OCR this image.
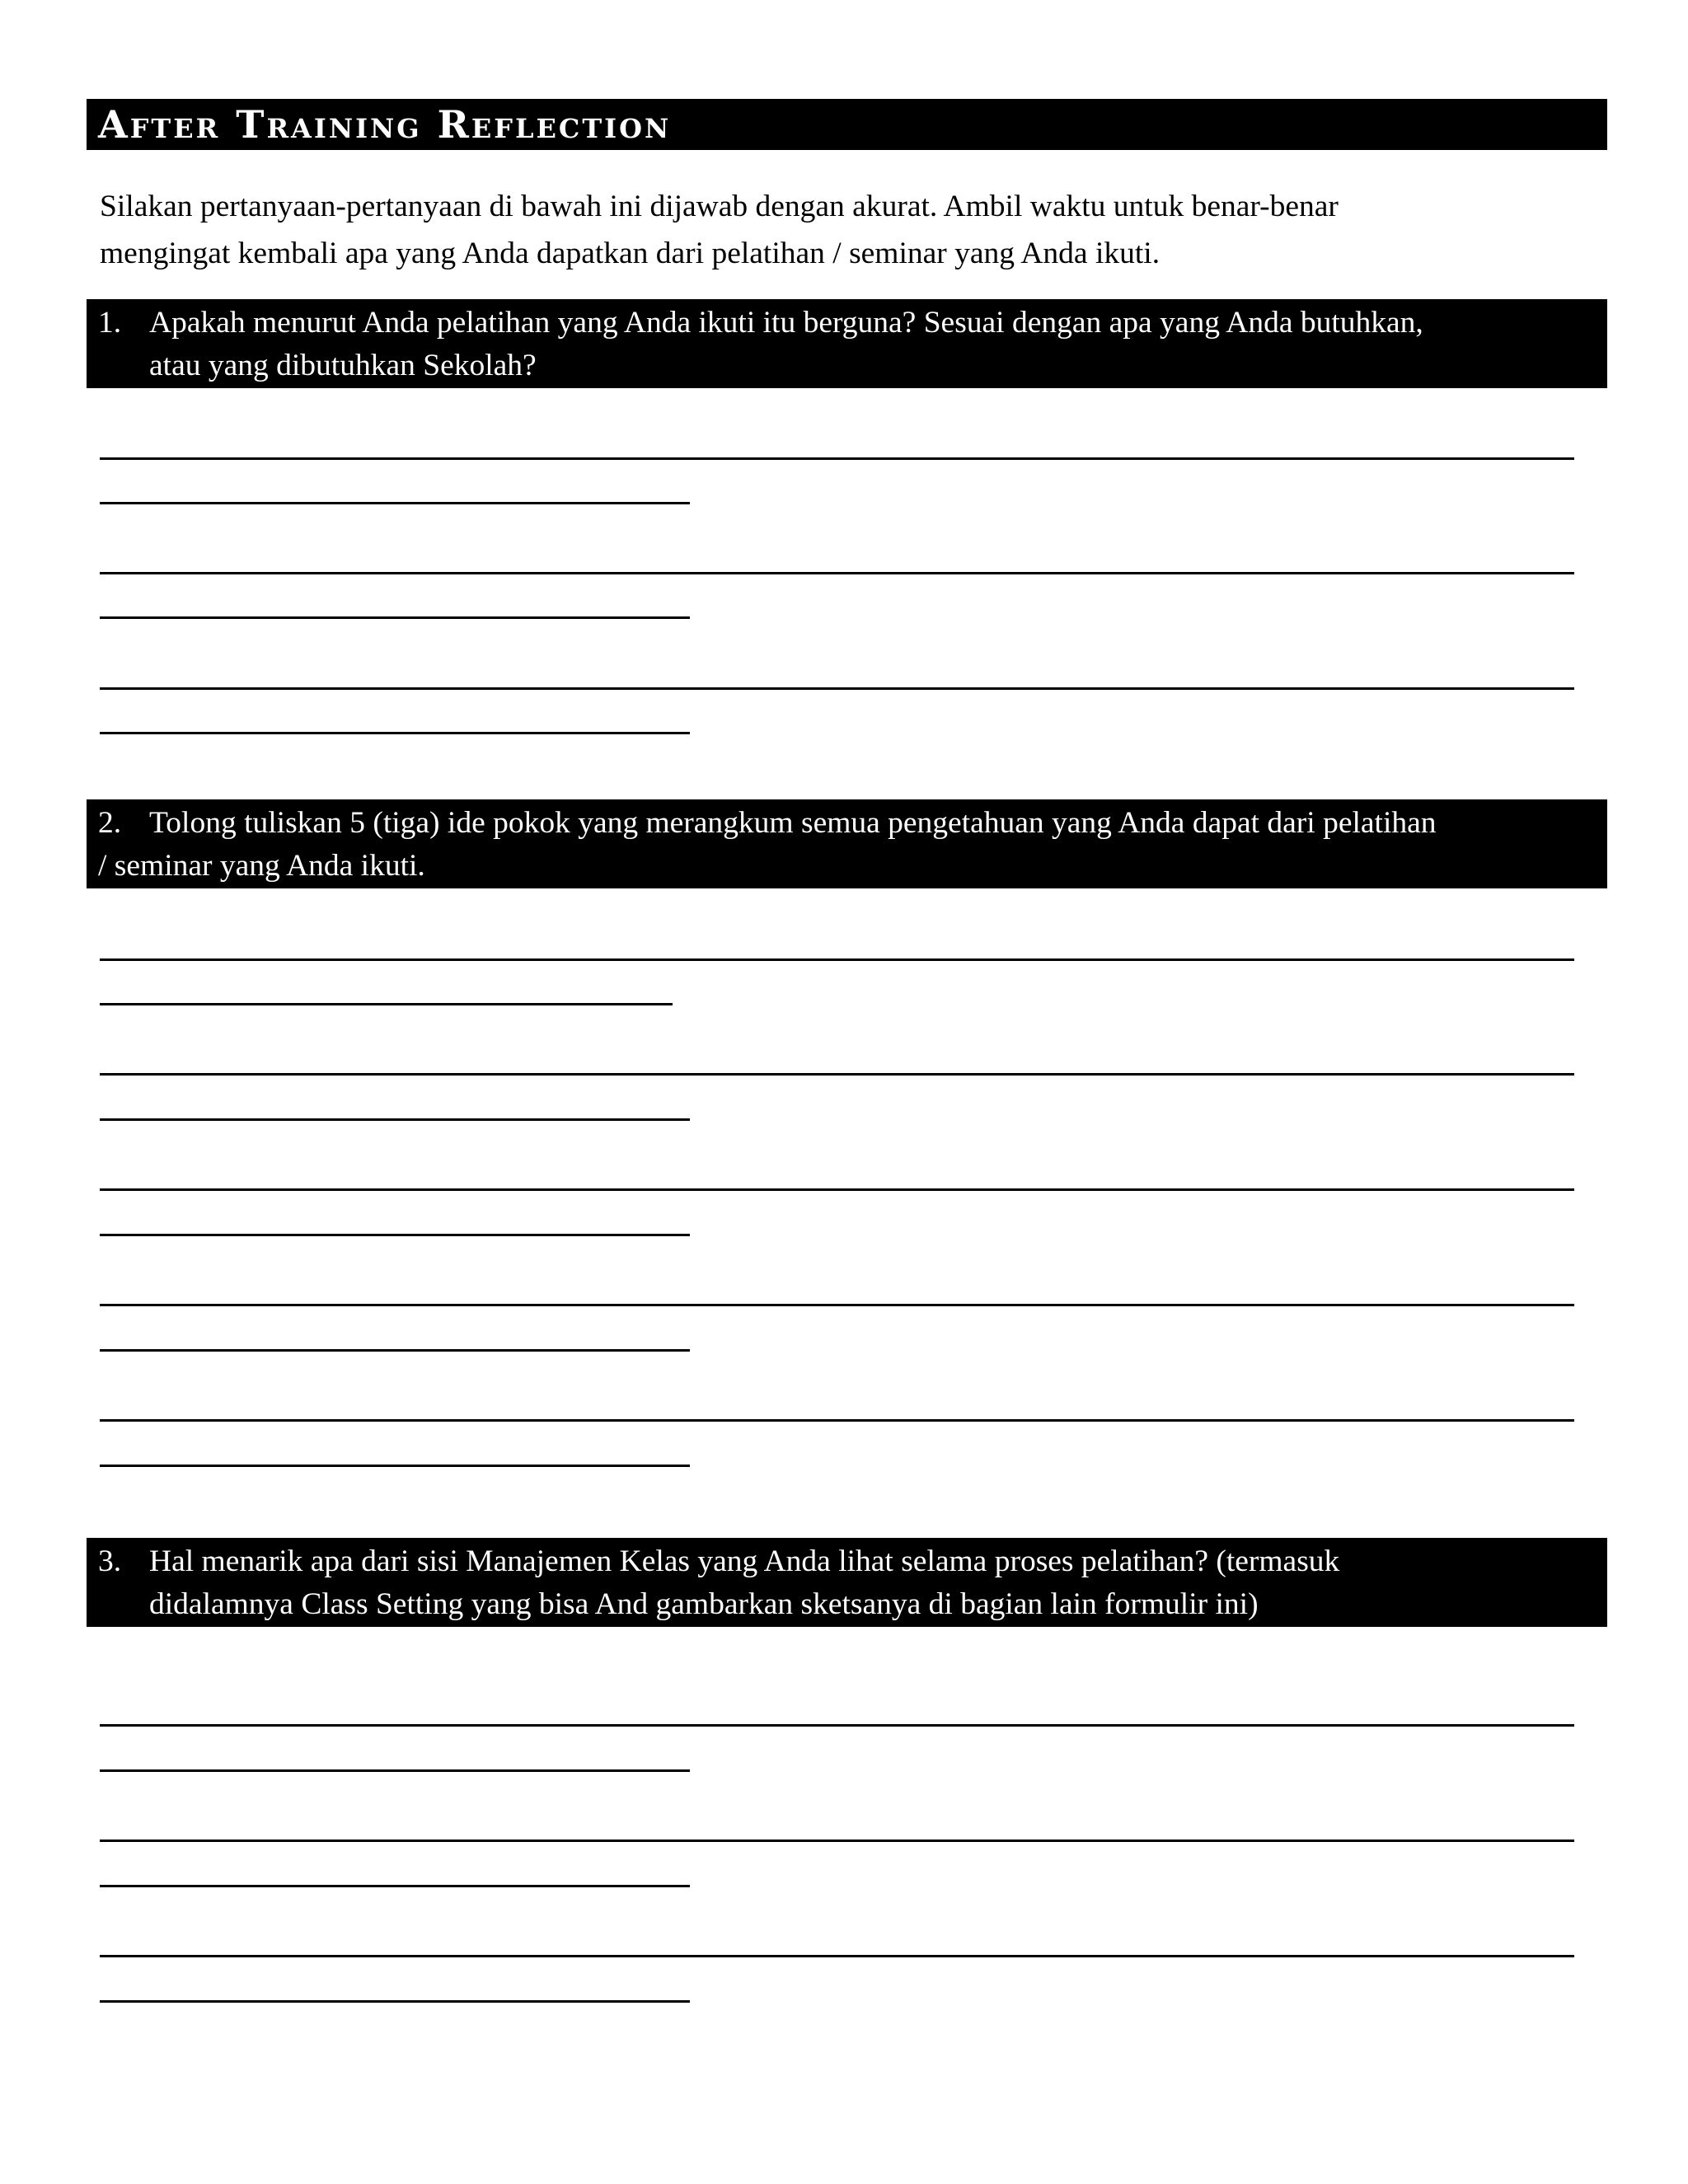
After Training Reflection

Silakan pertanyaan-pertanyaan di bawah ini dijawab dengan akurat. Ambil waktu untuk benar-benar

mengingat kembali apa yang Anda dapatkan dari pelatihan / seminar yang Anda ikuti.

1. Apakah menurut Anda pelatihan yang Anda ikuti itu berguna? Sesuai dengan apa yang Anda butuhkan,
atau yang dibutuhkan Sekolah?
2. Tolong tuliskan 5 (tiga) ide pokok yang merangkum semua pengetahuan yang Anda dapat dari pelatihan
/ seminar yang Anda ikuti.
3. Hal menarik apa dari sisi Manajemen Kelas yang Anda lihat selama proses pelatihan? (termasuk
didalamnya Class Setting yang bisa And gambarkan sketsanya di bagian lain formulir ini)
